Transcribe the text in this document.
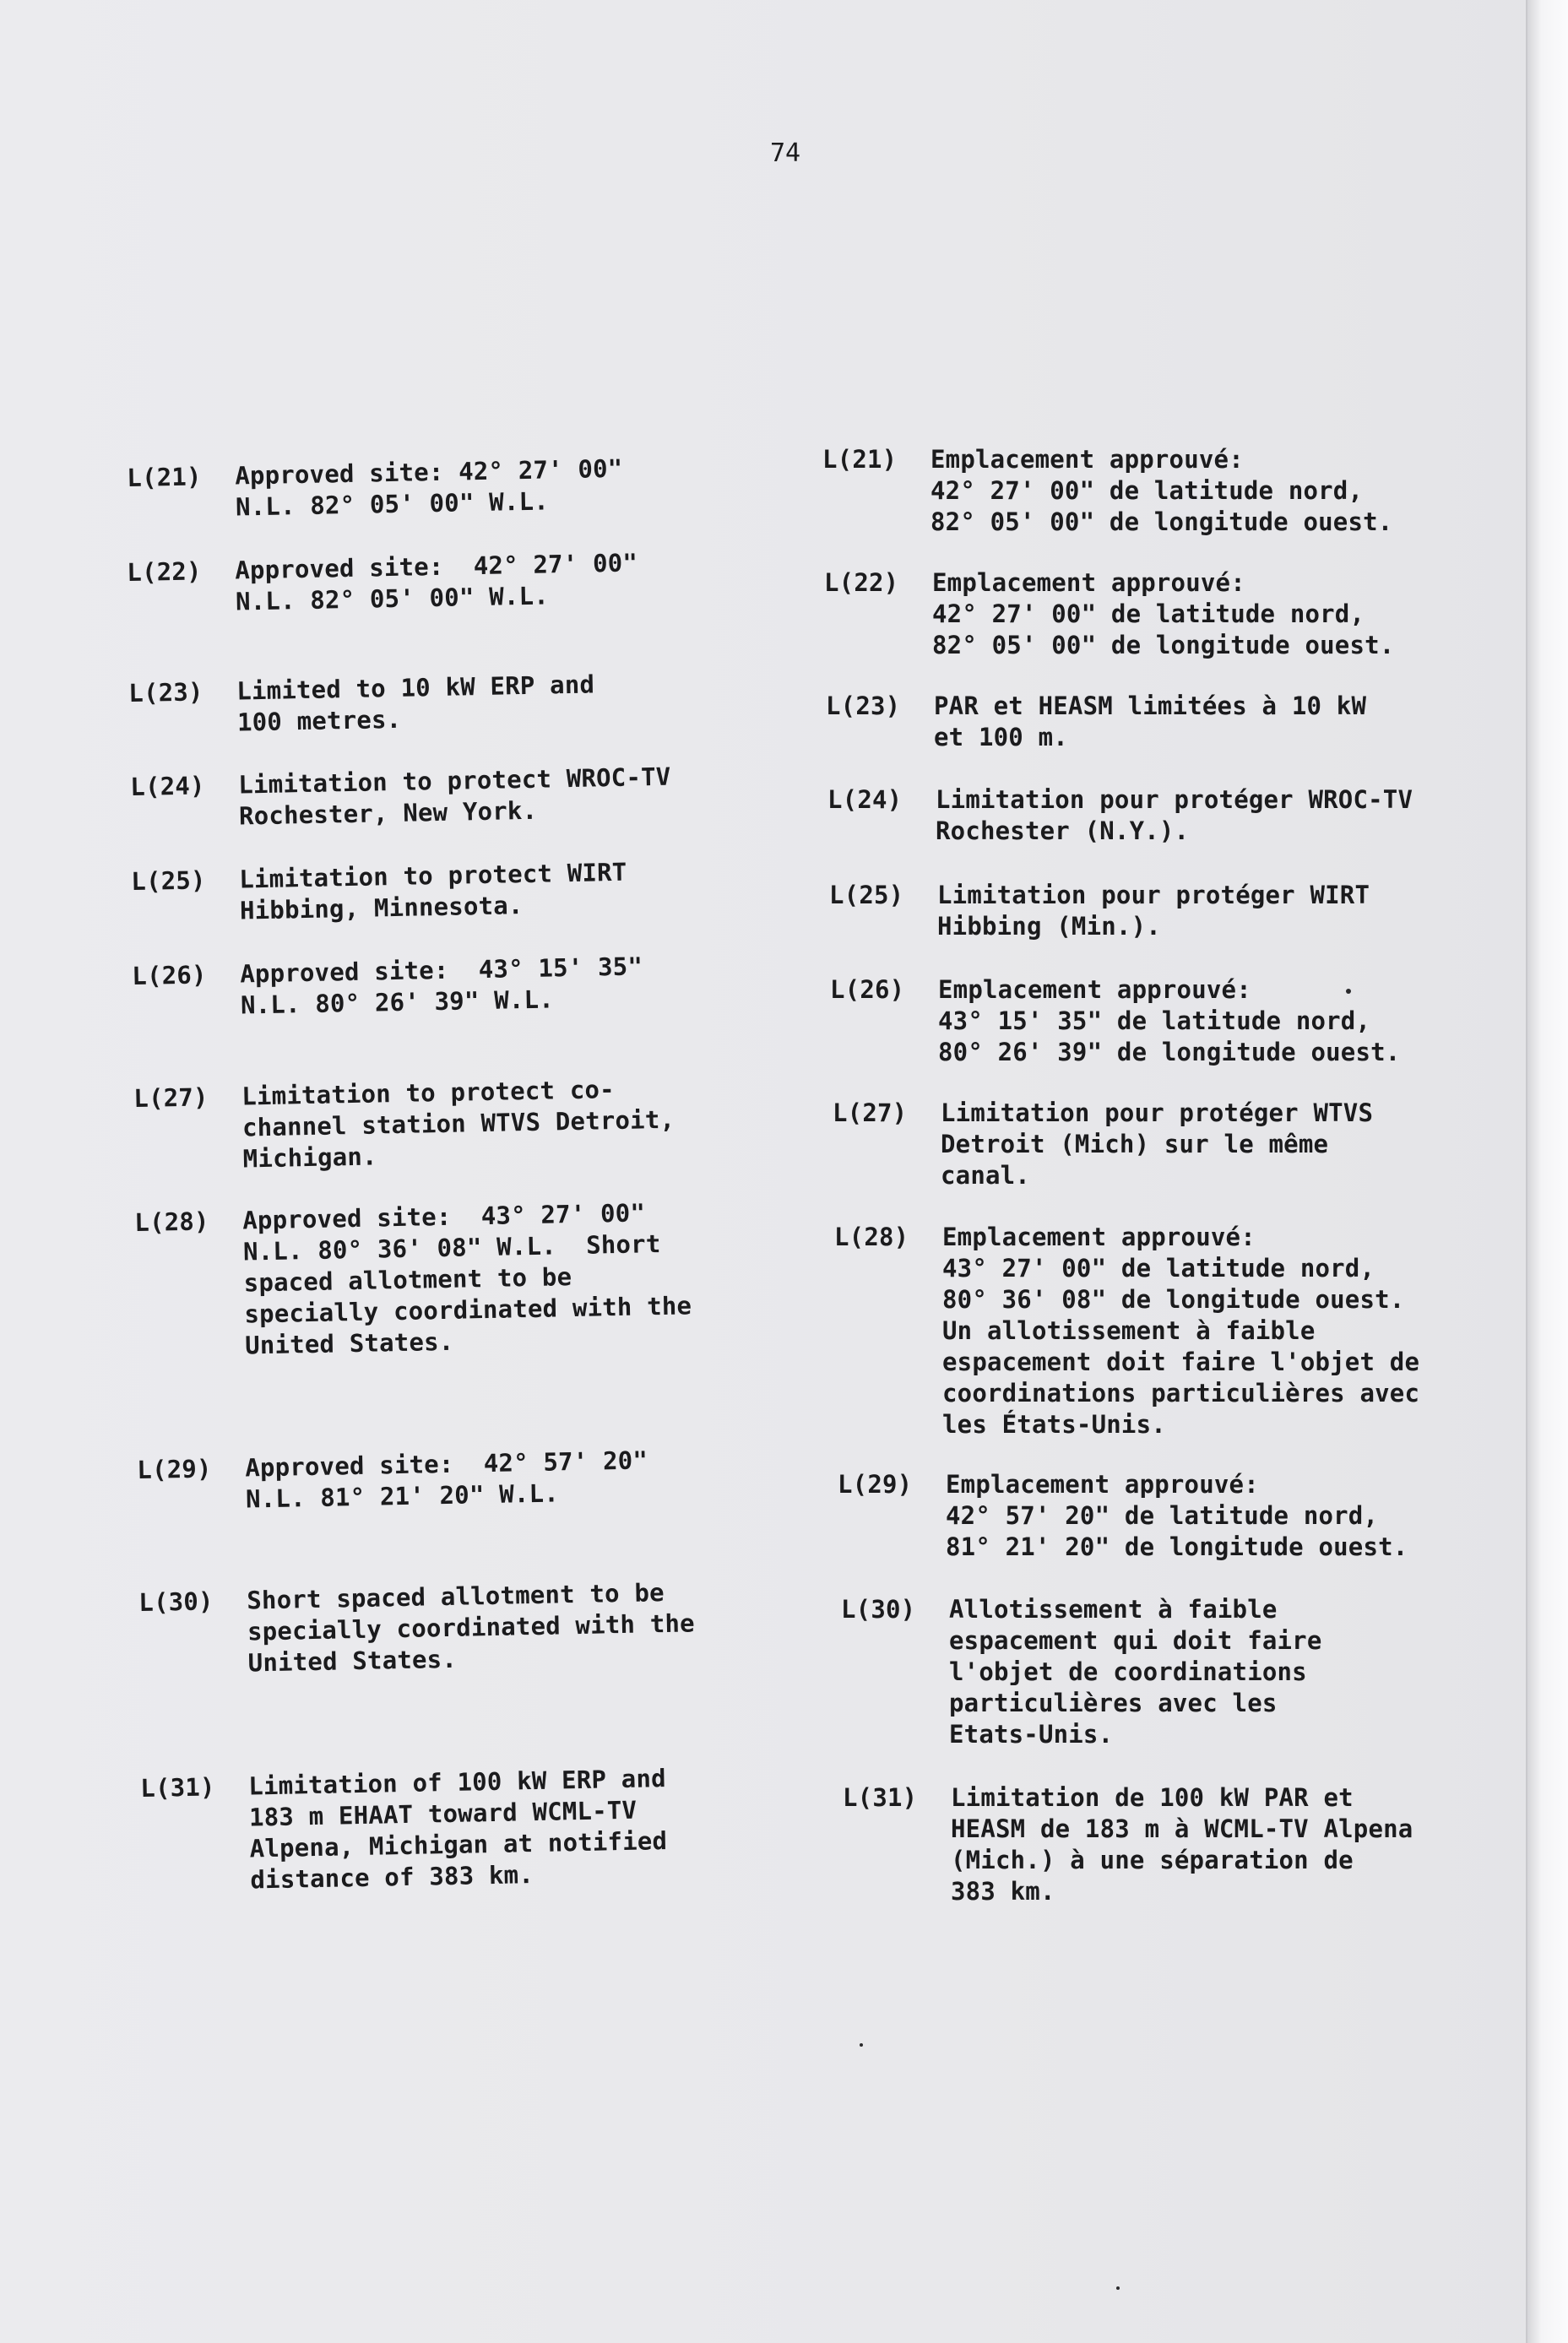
74
L(21) Approved site: 42° 27' 00"
N.L. 82° 05' 00" W.L.
L(22) Approved site:  42° 27' 00"
N.L. 82° 05' 00" W.L.
L(23) Limited to 10 kW ERP and
100 metres.
L(24) Limitation to protect WROC-TV
Rochester, New York.
L(25) Limitation to protect WIRT
Hibbing, Minnesota.
L(26) Approved site:  43° 15' 35"
N.L. 80° 26' 39" W.L.
L(27) Limitation to protect co-
channel station WTVS Detroit,
Michigan.
L(28) Approved site:  43° 27' 00"
N.L. 80° 36' 08" W.L.  Short
spaced allotment to be
specially coordinated with the
United States.
L(29) Approved site:  42° 57' 20"
N.L. 81° 21' 20" W.L.
L(30) Short spaced allotment to be
specially coordinated with the
United States.
L(31) Limitation of 100 kW ERP and
183 m EHAAT toward WCML-TV
Alpena, Michigan at notified
distance of 383 km.
L(21) Emplacement approuvé:
42° 27' 00" de latitude nord,
82° 05' 00" de longitude ouest.
L(22) Emplacement approuvé:
42° 27' 00" de latitude nord,
82° 05' 00" de longitude ouest.
L(23) PAR et HEASM limitées à 10 kW
et 100 m.
L(24) Limitation pour protéger WROC-TV
Rochester (N.Y.).
L(25) Limitation pour protéger WIRT
Hibbing (Min.).
L(26) Emplacement approuvé:
43° 15' 35" de latitude nord,
80° 26' 39" de longitude ouest.
L(27) Limitation pour protéger WTVS
Detroit (Mich) sur le même
canal.
L(28) Emplacement approuvé:
43° 27' 00" de latitude nord,
80° 36' 08" de longitude ouest.
Un allotissement à faible
espacement doit faire l'objet de
coordinations particulières avec
les États-Unis.
L(29) Emplacement approuvé:
42° 57' 20" de latitude nord,
81° 21' 20" de longitude ouest.
L(30) Allotissement à faible
espacement qui doit faire
l'objet de coordinations
particulières avec les
Etats-Unis.
L(31) Limitation de 100 kW PAR et
HEASM de 183 m à WCML-TV Alpena
(Mich.) à une séparation de
383 km.
